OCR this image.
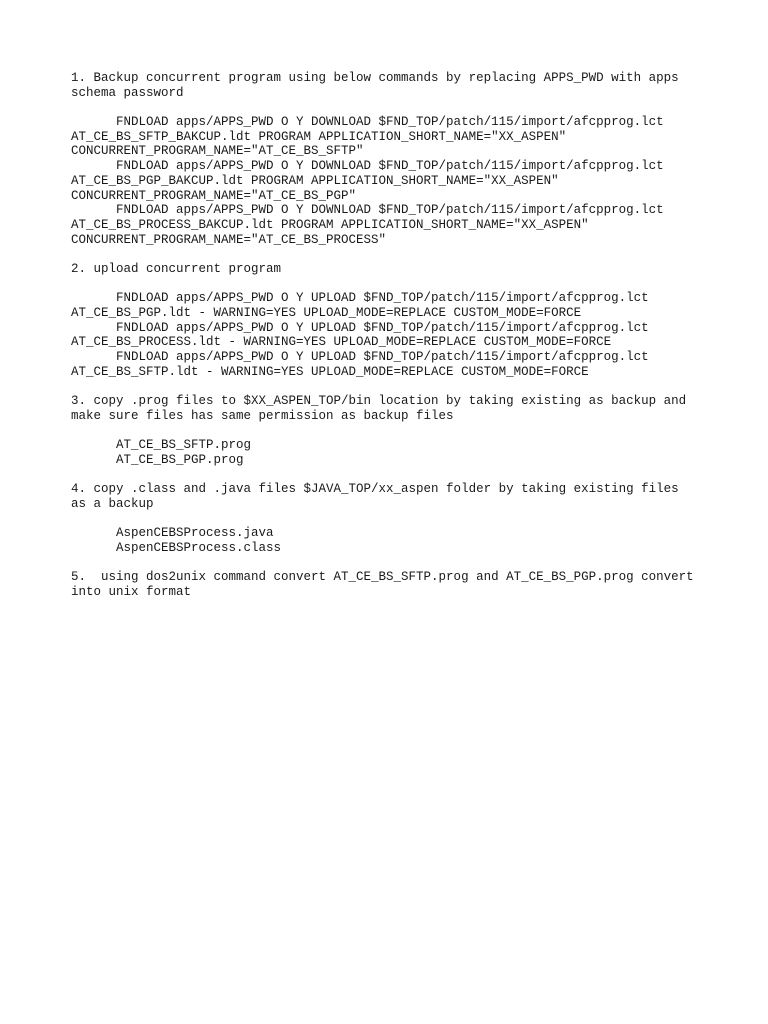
1. Backup concurrent program using below commands by replacing APPS_PWD with apps
schema password
FNDLOAD apps/APPS_PWD O Y DOWNLOAD $FND_TOP/patch/115/import/afcpprog.lct
AT_CE_BS_SFTP_BAKCUP.ldt PROGRAM APPLICATION_SHORT_NAME="XX_ASPEN"
CONCURRENT_PROGRAM_NAME="AT_CE_BS_SFTP"
FNDLOAD apps/APPS_PWD O Y DOWNLOAD $FND_TOP/patch/115/import/afcpprog.lct
AT_CE_BS_PGP_BAKCUP.ldt PROGRAM APPLICATION_SHORT_NAME="XX_ASPEN"
CONCURRENT_PROGRAM_NAME="AT_CE_BS_PGP"
FNDLOAD apps/APPS_PWD O Y DOWNLOAD $FND_TOP/patch/115/import/afcpprog.lct
AT_CE_BS_PROCESS_BAKCUP.ldt PROGRAM APPLICATION_SHORT_NAME="XX_ASPEN"
CONCURRENT_PROGRAM_NAME="AT_CE_BS_PROCESS"
2. upload concurrent program
FNDLOAD apps/APPS_PWD O Y UPLOAD $FND_TOP/patch/115/import/afcpprog.lct
AT_CE_BS_PGP.ldt - WARNING=YES UPLOAD_MODE=REPLACE CUSTOM_MODE=FORCE
FNDLOAD apps/APPS_PWD O Y UPLOAD $FND_TOP/patch/115/import/afcpprog.lct
AT_CE_BS_PROCESS.ldt - WARNING=YES UPLOAD_MODE=REPLACE CUSTOM_MODE=FORCE
FNDLOAD apps/APPS_PWD O Y UPLOAD $FND_TOP/patch/115/import/afcpprog.lct
AT_CE_BS_SFTP.ldt - WARNING=YES UPLOAD_MODE=REPLACE CUSTOM_MODE=FORCE
3. copy .prog files to $XX_ASPEN_TOP/bin location by taking existing as backup and
make sure files has same permission as backup files
AT_CE_BS_SFTP.prog
AT_CE_BS_PGP.prog
4. copy .class and .java files $JAVA_TOP/xx_aspen folder by taking existing files
as a backup
AspenCEBSProcess.java
AspenCEBSProcess.class
5.  using dos2unix command convert AT_CE_BS_SFTP.prog and AT_CE_BS_PGP.prog convert
into unix format
